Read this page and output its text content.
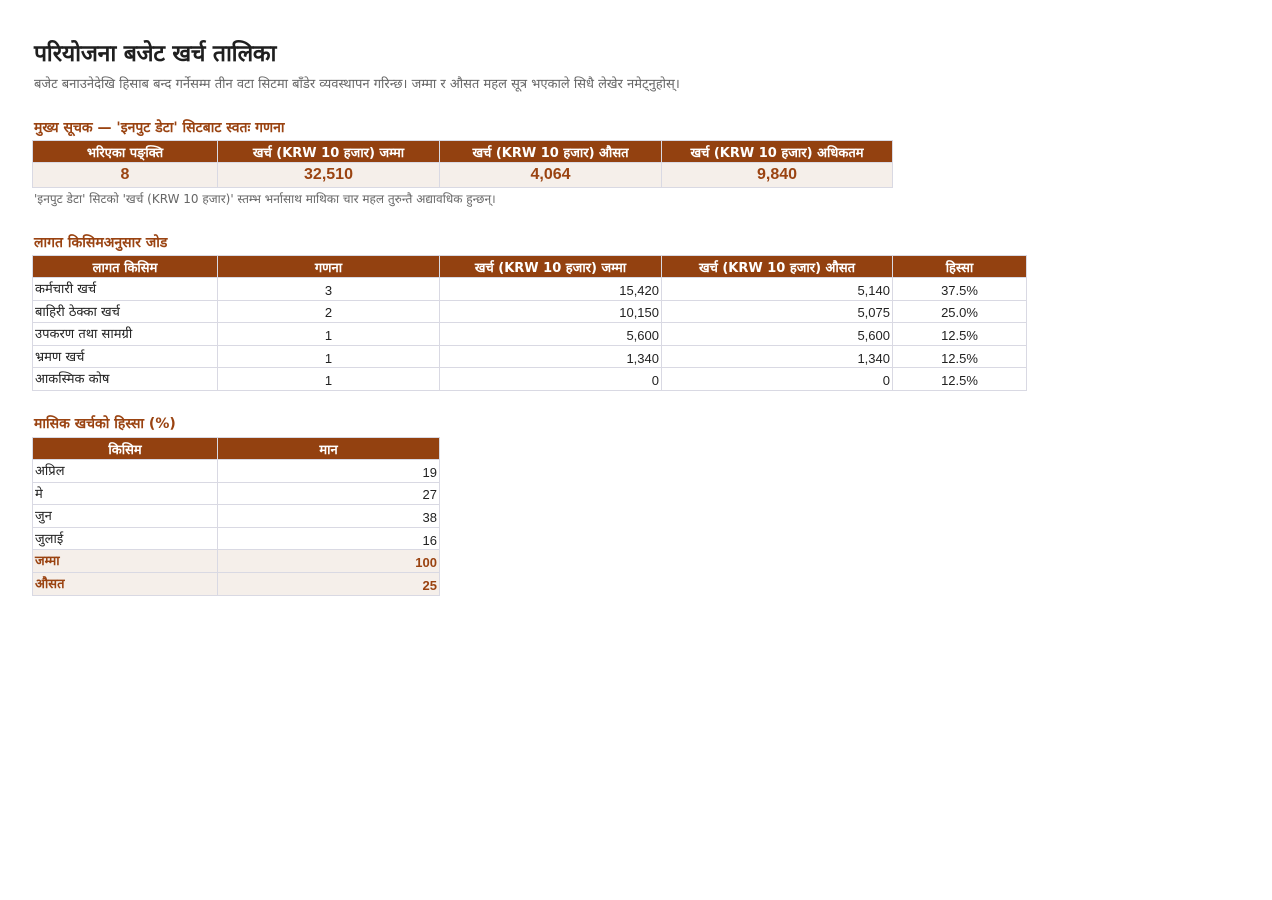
परियोजना बजेट खर्च तालिका

बजेट बनाउनेदेखि हिसाब बन्द गर्नेसम्म तीन वटा सिटमा बाँडेर व्यवस्थापन गरिन्छ। जम्मा र औसत महल सूत्र भएकाले सिधै लेखेर नमेट्नुहोस्।

मुख्य सूचक — 'इनपुट डेटा' सिटबाट स्वतः गणना
भरिएका पङ्क्ति	खर्च (KRW 10 हजार) जम्मा	खर्च (KRW 10 हजार) औसत	खर्च (KRW 10 हजार) अधिकतम
8	32,510	4,064	9,840

'इनपुट डेटा' सिटको 'खर्च (KRW 10 हजार)' स्तम्भ भर्नासाथ माथिका चार महल तुरुन्तै अद्यावधिक हुन्छन्।

लागत किसिमअनुसार जोड
लागत किसिम	गणना	खर्च (KRW 10 हजार) जम्मा	खर्च (KRW 10 हजार) औसत	हिस्सा
कर्मचारी खर्च	3	15,420	5,140	37.5%
बाहिरी ठेक्का खर्च	2	10,150	5,075	25.0%
उपकरण तथा सामग्री	1	5,600	5,600	12.5%
भ्रमण खर्च	1	1,340	1,340	12.5%
आकस्मिक कोष	1	0	0	12.5%
मासिक खर्चको हिस्सा (%)
किसिम	मान
अप्रिल	19
मे	27
जुन	38
जुलाई	16
जम्मा	100
औसत	25
